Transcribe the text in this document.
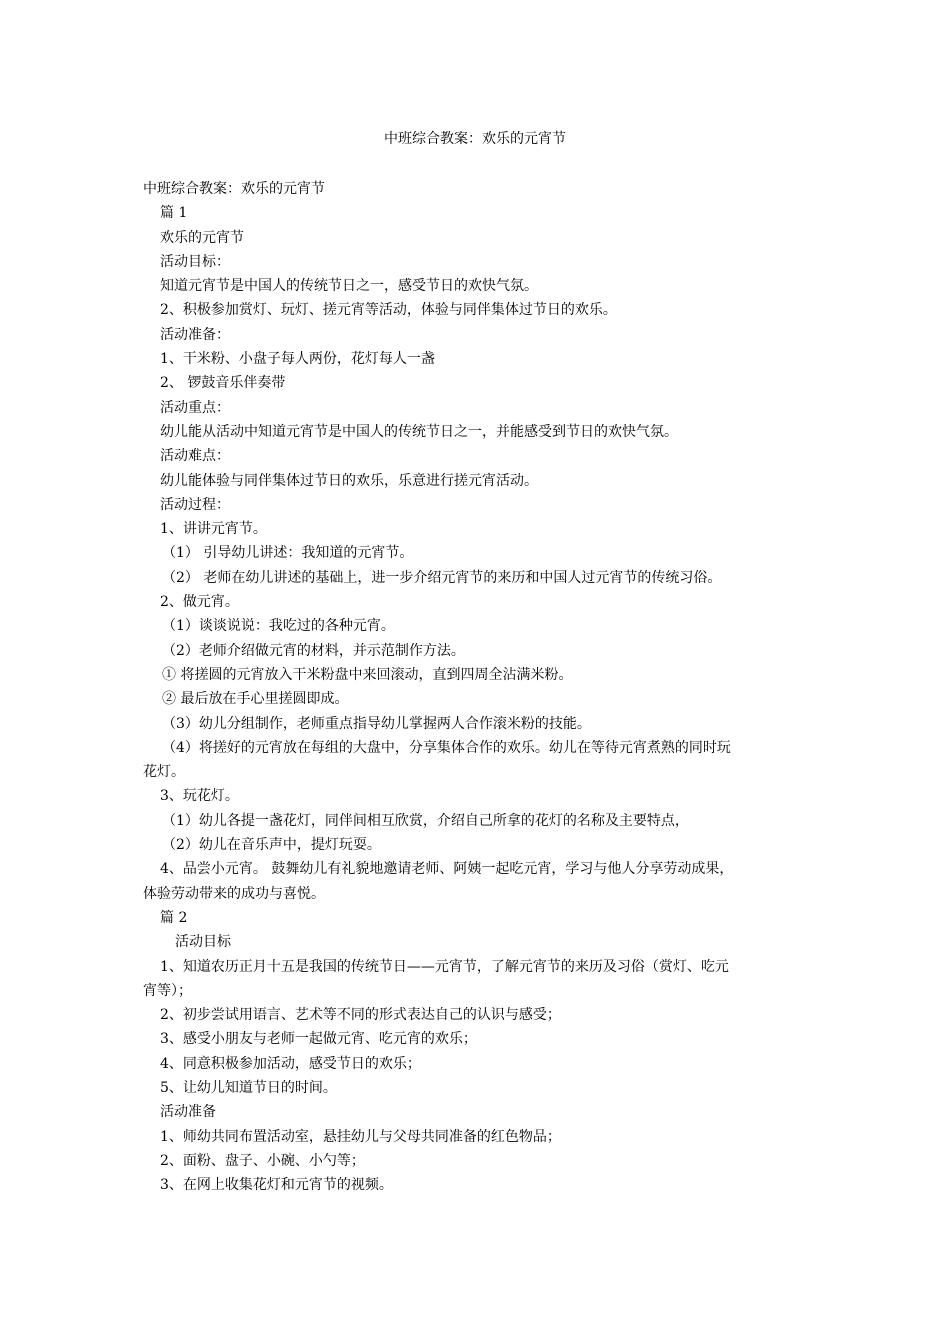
中班综合教案：欢乐的元宵节
中班综合教案：欢乐的元宵节
篇 1
欢乐的元宵节
活动目标：
知道元宵节是中国人的传统节日之一，感受节日的欢快气氛。
2、积极参加赏灯、玩灯、搓元宵等活动，体验与同伴集体过节日的欢乐。
活动准备：
1、干米粉、小盘子每人两份，花灯每人一盏
2、 锣鼓音乐伴奏带
活动重点：
幼儿能从活动中知道元宵节是中国人的传统节日之一，并能感受到节日的欢快气氛。
活动难点：
幼儿能体验与同伴集体过节日的欢乐，乐意进行搓元宵活动。
活动过程：
1、讲讲元宵节。
（1） 引导幼儿讲述：我知道的元宵节。
（2） 老师在幼儿讲述的基础上，进一步介绍元宵节的来历和中国人过元宵节的传统习俗。
2、做元宵。
（1）谈谈说说：我吃过的各种元宵。
（2）老师介绍做元宵的材料，并示范制作方法。
① 将搓圆的元宵放入干米粉盘中来回滚动，直到四周全沾满米粉。
② 最后放在手心里搓圆即成。
（3）幼儿分组制作，老师重点指导幼儿掌握两人合作滚米粉的技能。
（4）将搓好的元宵放在每组的大盘中，分享集体合作的欢乐。幼儿在等待元宵煮熟的同时玩
花灯。
3、玩花灯。
（1）幼儿各提一盏花灯，同伴间相互欣赏，介绍自己所拿的花灯的名称及主要特点，
（2）幼儿在音乐声中，提灯玩耍。
4、品尝小元宵。 鼓舞幼儿有礼貌地邀请老师、阿姨一起吃元宵，学习与他人分享劳动成果，
体验劳动带来的成功与喜悦。
篇 2
活动目标
1、知道农历正月十五是我国的传统节日——元宵节，了解元宵节的来历及习俗（赏灯、吃元
宵等）；
2、初步尝试用语言、艺术等不同的形式表达自己的认识与感受；
3、感受小朋友与老师一起做元宵、吃元宵的欢乐；
4、同意积极参加活动，感受节日的欢乐；
5、让幼儿知道节日的时间。
活动准备
1、师幼共同布置活动室，悬挂幼儿与父母共同准备的红色物品；
2、面粉、盘子、小碗、小勺等；
3、在网上收集花灯和元宵节的视频。
